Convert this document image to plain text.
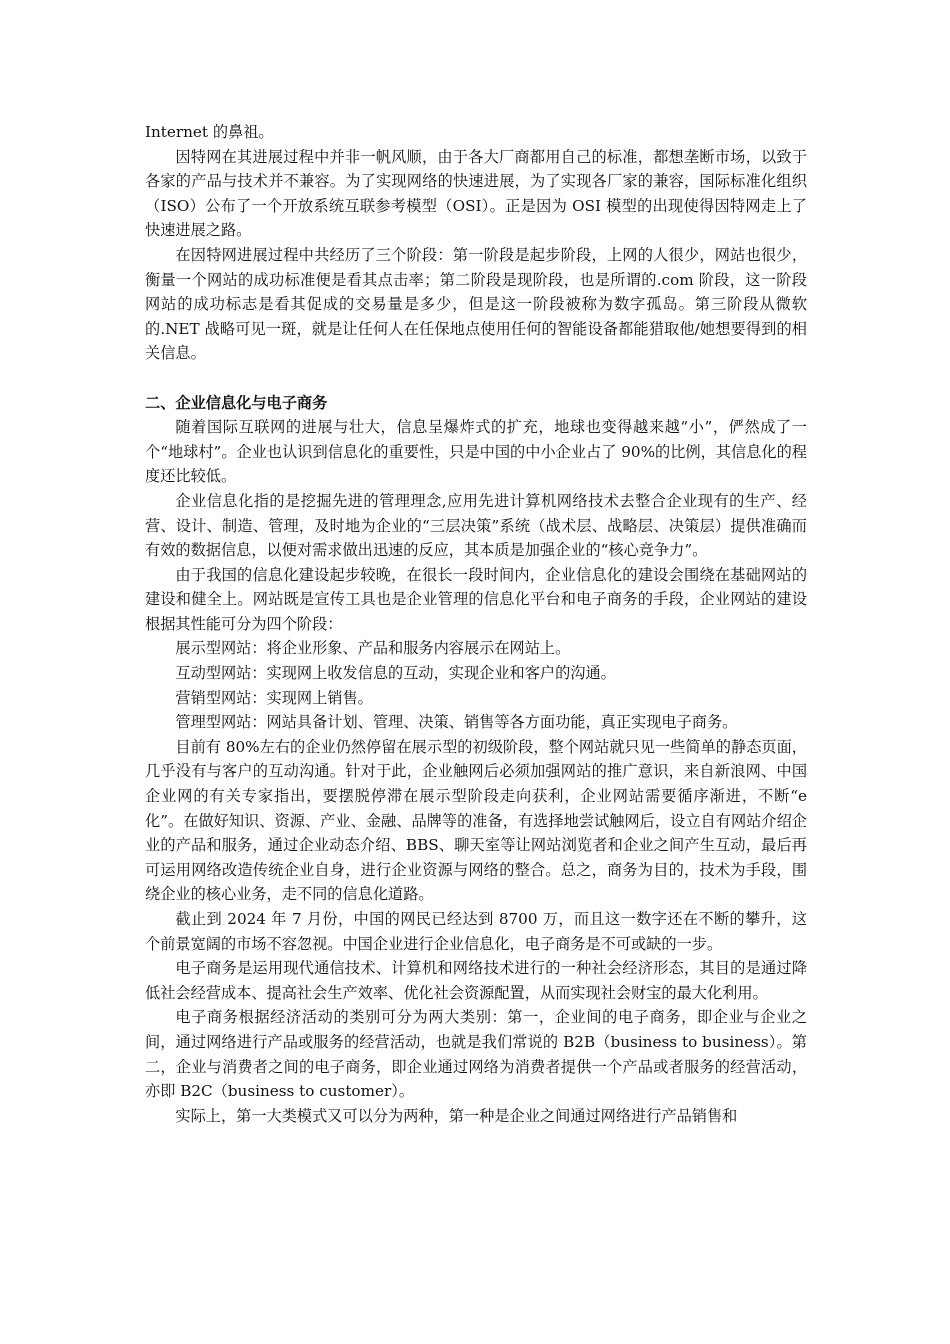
Internet 的鼻祖。

因特网在其进展过程中并非一帆风顺，由于各大厂商都用自己的标准，都想垄断市场，以致于各家的产品与技术并不兼容。为了实现网络的快速进展，为了实现各厂家的兼容，国际标准化组织（ISO）公布了一个开放系统互联参考模型（OSI）。正是因为 OSI 模型的出现使得因特网走上了快速进展之路。

在因特网进展过程中共经历了三个阶段：第一阶段是起步阶段，上网的人很少，网站也很少，衡量一个网站的成功标准便是看其点击率；第二阶段是现阶段，也是所谓的.com 阶段，这一阶段网站的成功标志是看其促成的交易量是多少，但是这一阶段被称为数字孤岛。第三阶段从微软的.NET 战略可见一斑，就是让任何人在任保地点使用任何的智能设备都能猎取他/她想要得到的相关信息。

二、企业信息化与电子商务

随着国际互联网的进展与壮大，信息呈爆炸式的扩充，地球也变得越来越“小”，俨然成了一个“地球村”。企业也认识到信息化的重要性，只是中国的中小企业占了 90%的比例，其信息化的程度还比较低。

企业信息化指的是挖掘先进的管理理念,应用先进计算机网络技术去整合企业现有的生产、经营、设计、制造、管理，及时地为企业的“三层决策”系统（战术层、战略层、决策层）提供准确而有效的数据信息，以便对需求做出迅速的反应，其本质是加强企业的“核心竞争力”。

由于我国的信息化建设起步较晚，在很长一段时间内，企业信息化的建设会围绕在基础网站的建设和健全上。网站既是宣传工具也是企业管理的信息化平台和电子商务的手段，企业网站的建设根据其性能可分为四个阶段：

展示型网站：将企业形象、产品和服务内容展示在网站上。

互动型网站：实现网上收发信息的互动，实现企业和客户的沟通。

营销型网站：实现网上销售。

管理型网站：网站具备计划、管理、决策、销售等各方面功能，真正实现电子商务。

目前有 80%左右的企业仍然停留在展示型的初级阶段，整个网站就只见一些简单的静态页面，几乎没有与客户的互动沟通。针对于此，企业触网后必须加强网站的推广意识，来自新浪网、中国企业网的有关专家指出，要摆脱停滞在展示型阶段走向获利，企业网站需要循序渐进，不断“e 化”。在做好知识、资源、产业、金融、品牌等的准备，有选择地尝试触网后，设立自有网站介绍企业的产品和服务，通过企业动态介绍、BBS、聊天室等让网站浏览者和企业之间产生互动，最后再可运用网络改造传统企业自身，进行企业资源与网络的整合。总之，商务为目的，技术为手段，围绕企业的核心业务，走不同的信息化道路。

截止到 2024 年 7 月份，中国的网民已经达到 8700 万，而且这一数字还在不断的攀升，这个前景宽阔的市场不容忽视。中国企业进行企业信息化，电子商务是不可或缺的一步。

电子商务是运用现代通信技术、计算机和网络技术进行的一种社会经济形态，其目的是通过降低社会经营成本、提高社会生产效率、优化社会资源配置，从而实现社会财宝的最大化利用。

电子商务根据经济活动的类别可分为两大类别：第一，企业间的电子商务，即企业与企业之间，通过网络进行产品或服务的经营活动，也就是我们常说的 B2B（business to business）。第二，企业与消费者之间的电子商务，即企业通过网络为消费者提供一个产品或者服务的经营活动，亦即 B2C（business to customer）。

实际上，第一大类模式又可以分为两种，第一种是企业之间通过网络进行产品销售和
